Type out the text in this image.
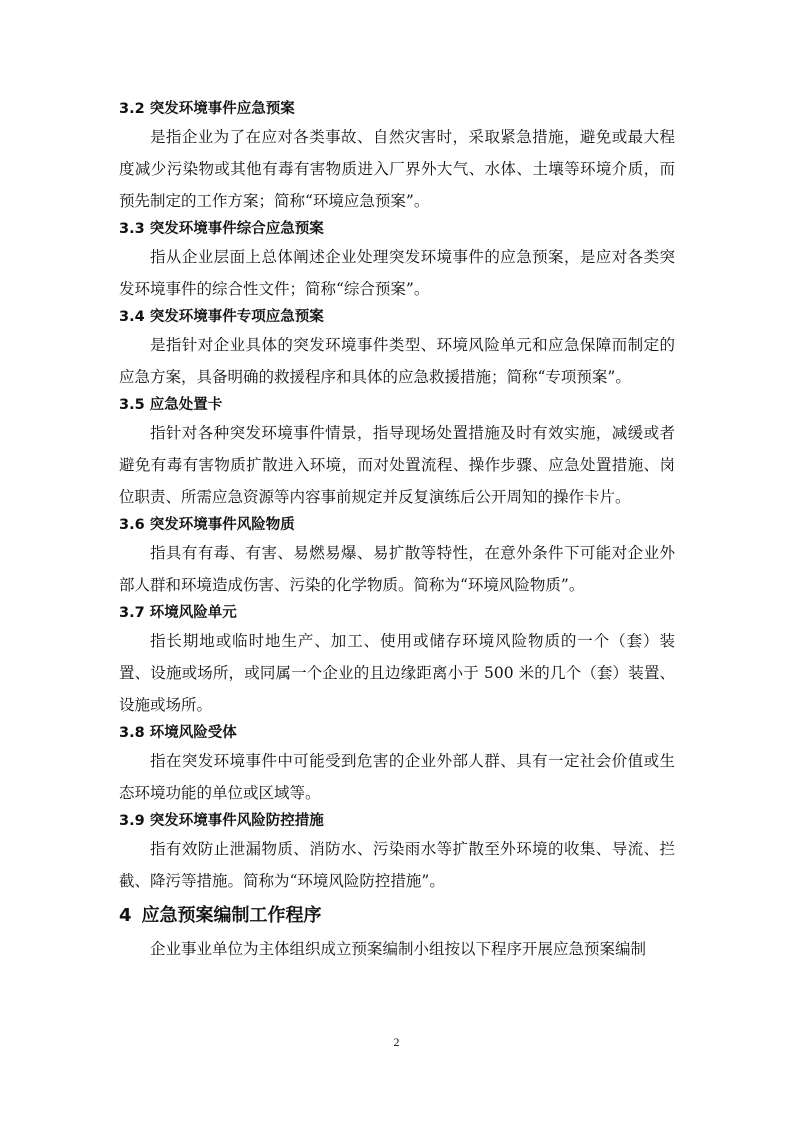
3.2 突发环境事件应急预案

是指企业为了在应对各类事故、自然灾害时，采取紧急措施，避免或最大程度减少污染物或其他有毒有害物质进入厂界外大气、水体、土壤等环境介质，而预先制定的工作方案；简称“环境应急预案”。

3.3 突发环境事件综合应急预案

指从企业层面上总体阐述企业处理突发环境事件的应急预案，是应对各类突发环境事件的综合性文件；简称“综合预案”。

3.4 突发环境事件专项应急预案

是指针对企业具体的突发环境事件类型、环境风险单元和应急保障而制定的应急方案，具备明确的救援程序和具体的应急救援措施；简称“专项预案”。

3.5 应急处置卡

指针对各种突发环境事件情景，指导现场处置措施及时有效实施，减缓或者避免有毒有害物质扩散进入环境，而对处置流程、操作步骤、应急处置措施、岗位职责、所需应急资源等内容事前规定并反复演练后公开周知的操作卡片。

3.6 突发环境事件风险物质

指具有有毒、有害、易燃易爆、易扩散等特性，在意外条件下可能对企业外部人群和环境造成伤害、污染的化学物质。简称为“环境风险物质”。

3.7 环境风险单元

指长期地或临时地生产、加工、使用或储存环境风险物质的一个（套）装置、设施或场所，或同属一个企业的且边缘距离小于 500 米的几个（套）装置、设施或场所。

3.8 环境风险受体

指在突发环境事件中可能受到危害的企业外部人群、具有一定社会价值或生态环境功能的单位或区域等。

3.9 突发环境事件风险防控措施

指有效防止泄漏物质、消防水、污染雨水等扩散至外环境的收集、导流、拦截、降污等措施。简称为“环境风险防控措施”。

4 应急预案编制工作程序

企业事业单位为主体组织成立预案编制小组按以下程序开展应急预案编制

2
